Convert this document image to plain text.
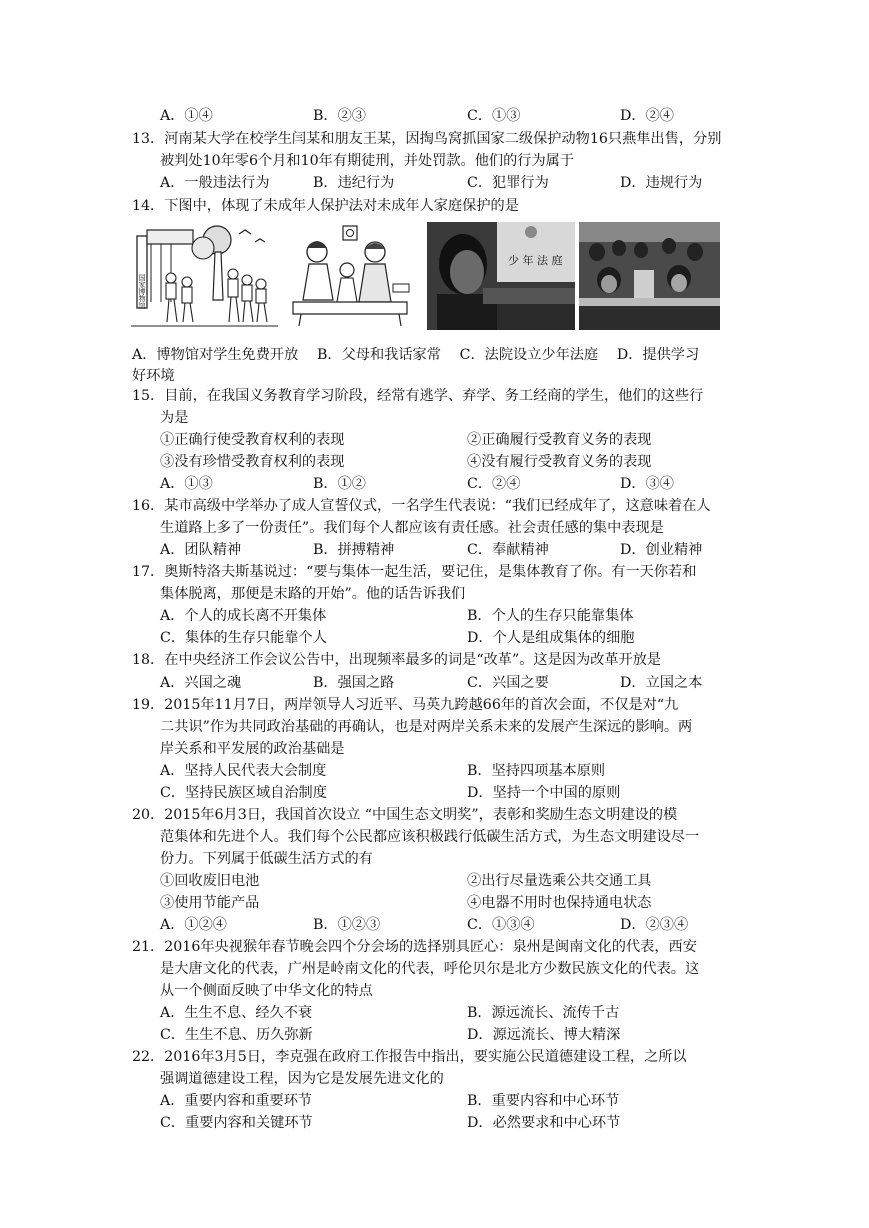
A．①④	B．②③	C．①③	D．②④
13．河南某大学在校学生闫某和朋友王某，因掏鸟窝抓国家二级保护动物16只燕隼出售，分别
被判处10年零6个月和10年有期徒刑，并处罚款。他们的行为属于
A．一般违法行为	B．违纪行为	C．犯罪行为	D．违规行为
14．下图中，体现了未成年人保护法对未成年人家庭保护的是
国家博物馆
少 年 法 庭
A．博物馆对学生免费开放　 B．父母和我话家常　 C．法院设立少年法庭　 D．提供学习
好环境
15．目前，在我国义务教育学习阶段，经常有逃学、弃学、务工经商的学生，他们的这些行
为是
①正确行使受教育权利的表现	②正确履行受教育义务的表现
③没有珍惜受教育权利的表现	④没有履行受教育义务的表现
A．①③	B．①②	C．②④	D．③④
16．某市高级中学举办了成人宣誓仪式，一名学生代表说：“我们已经成年了，这意味着在人
生道路上多了一份责任”。我们每个人都应该有责任感。社会责任感的集中表现是
A．团队精神	B．拼搏精神	C．奉献精神	D．创业精神
17．奥斯特洛夫斯基说过：“要与集体一起生活，要记住，是集体教育了你。有一天你若和
集体脱离，那便是末路的开始”。他的话告诉我们
A．个人的成长离不开集体	B．个人的生存只能靠集体
C．集体的生存只能靠个人	D．个人是组成集体的细胞
18．在中央经济工作会议公告中，出现频率最多的词是“改革”。这是因为改革开放是
A．兴国之魂	B．强国之路	C．兴国之要	D．立国之本
19．2015年11月7日，两岸领导人习近平、马英九跨越66年的首次会面，不仅是对“九
二共识”作为共同政治基础的再确认，也是对两岸关系未来的发展产生深远的影响。两
岸关系和平发展的政治基础是
A．坚持人民代表大会制度	B．坚持四项基本原则
C．坚持民族区域自治制度	D．坚持一个中国的原则
20．2015年6月3日，我国首次设立 “中国生态文明奖”，表彰和奖励生态文明建设的模
范集体和先进个人。我们每个公民都应该积极践行低碳生活方式，为生态文明建设尽一
份力。下列属于低碳生活方式的有
①回收废旧电池	②出行尽量选乘公共交通工具
③使用节能产品	④电器不用时也保持通电状态
A．①②④	B．①②③	C．①③④	D．②③④
21．2016年央视猴年春节晚会四个分会场的选择别具匠心：泉州是闽南文化的代表，西安
是大唐文化的代表，广州是岭南文化的代表，呼伦贝尔是北方少数民族文化的代表。这
从一个侧面反映了中华文化的特点
A．生生不息、经久不衰	B．源远流长、流传千古
C．生生不息、历久弥新	D．源远流长、博大精深
22．2016年3月5日，李克强在政府工作报告中指出，要实施公民道德建设工程，之所以
强调道德建设工程，因为它是发展先进文化的
A．重要内容和重要环节	B．重要内容和中心环节
C．重要内容和关键环节	D．必然要求和中心环节
